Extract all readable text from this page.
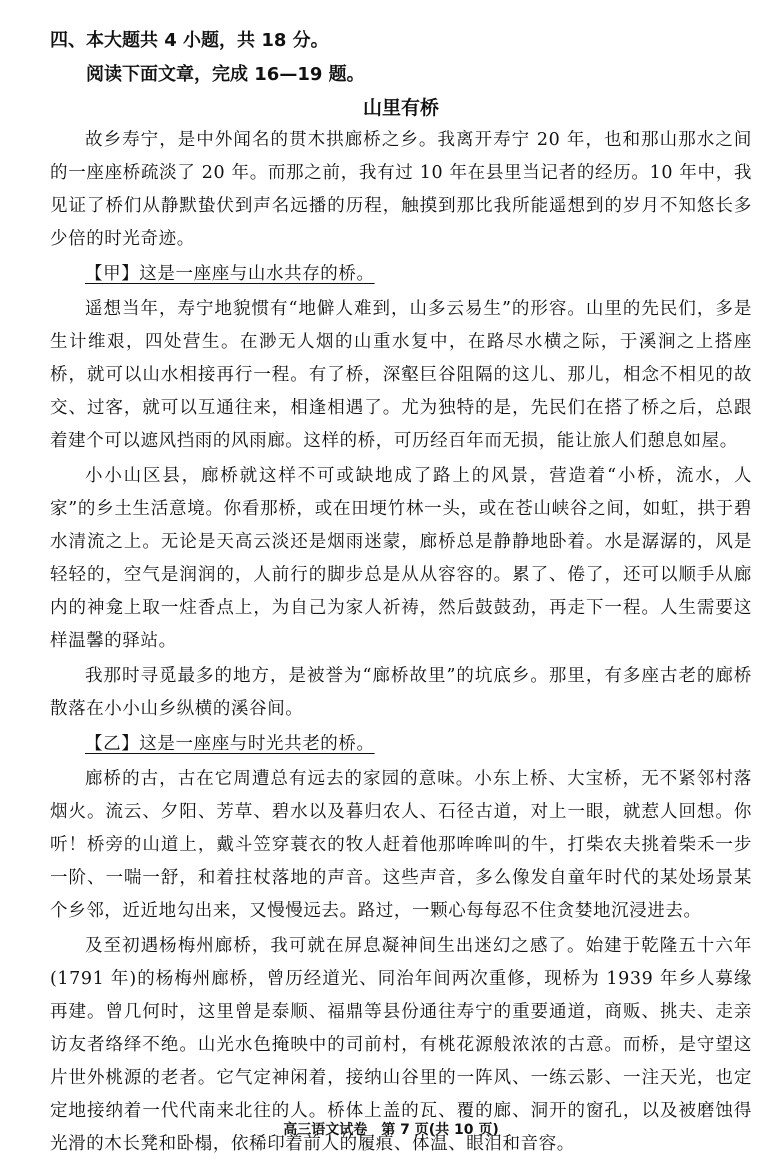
四、本大题共 4 小题，共 18 分。
阅读下面文章，完成 16—19 题。
山里有桥

故乡寿宁，是中外闻名的贯木拱廊桥之乡。我离开寿宁 20 年，也和那山那水之间的一座座桥疏淡了 20 年。而那之前，我有过 10 年在县里当记者的经历。10 年中，我见证了桥们从静默蛰伏到声名远播的历程，触摸到那比我所能遥想到的岁月不知悠长多少倍的时光奇迹。

【甲】这是一座座与山水共存的桥。

遥想当年，寿宁地貌惯有“地僻人难到，山多云易生”的形容。山里的先民们，多是生计维艰，四处营生。在渺无人烟的山重水复中，在路尽水横之际，于溪涧之上搭座桥，就可以山水相接再行一程。有了桥，深壑巨谷阻隔的这儿、那儿，相念不相见的故交、过客，就可以互通往来，相逢相遇了。尤为独特的是，先民们在搭了桥之后，总跟着建个可以遮风挡雨的风雨廊。这样的桥，可历经百年而无损，能让旅人们憩息如屋。

小小山区县，廊桥就这样不可或缺地成了路上的风景，营造着“小桥，流水，人家”的乡土生活意境。你看那桥，或在田埂竹林一头，或在苍山峡谷之间，如虹，拱于碧水清流之上。无论是天高云淡还是烟雨迷蒙，廊桥总是静静地卧着。水是潺潺的，风是轻轻的，空气是润润的，人前行的脚步总是从从容容的。累了、倦了，还可以顺手从廊内的神龛上取一炷香点上，为自己为家人祈祷，然后鼓鼓劲，再走下一程。人生需要这样温馨的驿站。

我那时寻觅最多的地方，是被誉为“廊桥故里”的坑底乡。那里，有多座古老的廊桥散落在小小山乡纵横的溪谷间。

【乙】这是一座座与时光共老的桥。

廊桥的古，古在它周遭总有远去的家园的意味。小东上桥、大宝桥，无不紧邻村落烟火。流云、夕阳、芳草、碧水以及暮归农人、石径古道，对上一眼，就惹人回想。你听！桥旁的山道上，戴斗笠穿蓑衣的牧人赶着他那哞哞叫的牛，打柴农夫挑着柴禾一步一阶、一喘一舒，和着拄杖落地的声音。这些声音，多么像发自童年时代的某处场景某个乡邻，近近地勾出来，又慢慢远去。路过，一颗心每每忍不住贪婪地沉浸进去。

及至初遇杨梅州廊桥，我可就在屏息凝神间生出迷幻之感了。始建于乾隆五十六年(1791 年)的杨梅州廊桥，曾历经道光、同治年间两次重修，现桥为 1939 年乡人募缘再建。曾几何时，这里曾是泰顺、福鼎等县份通往寿宁的重要通道，商贩、挑夫、走亲访友者络绎不绝。山光水色掩映中的司前村，有桃花源般浓浓的古意。而桥，是守望这片世外桃源的老者。它气定神闲着，接纳山谷里的一阵风、一练云影、一注天光，也定定地接纳着一代代南来北往的人。桥体上盖的瓦、覆的廊、洞开的窗孔，以及被磨蚀得光滑的木长凳和卧榻，依稀印着前人的履痕、体温、眼泪和音容。

高三语文试卷　第 7 页(共 10 页)
